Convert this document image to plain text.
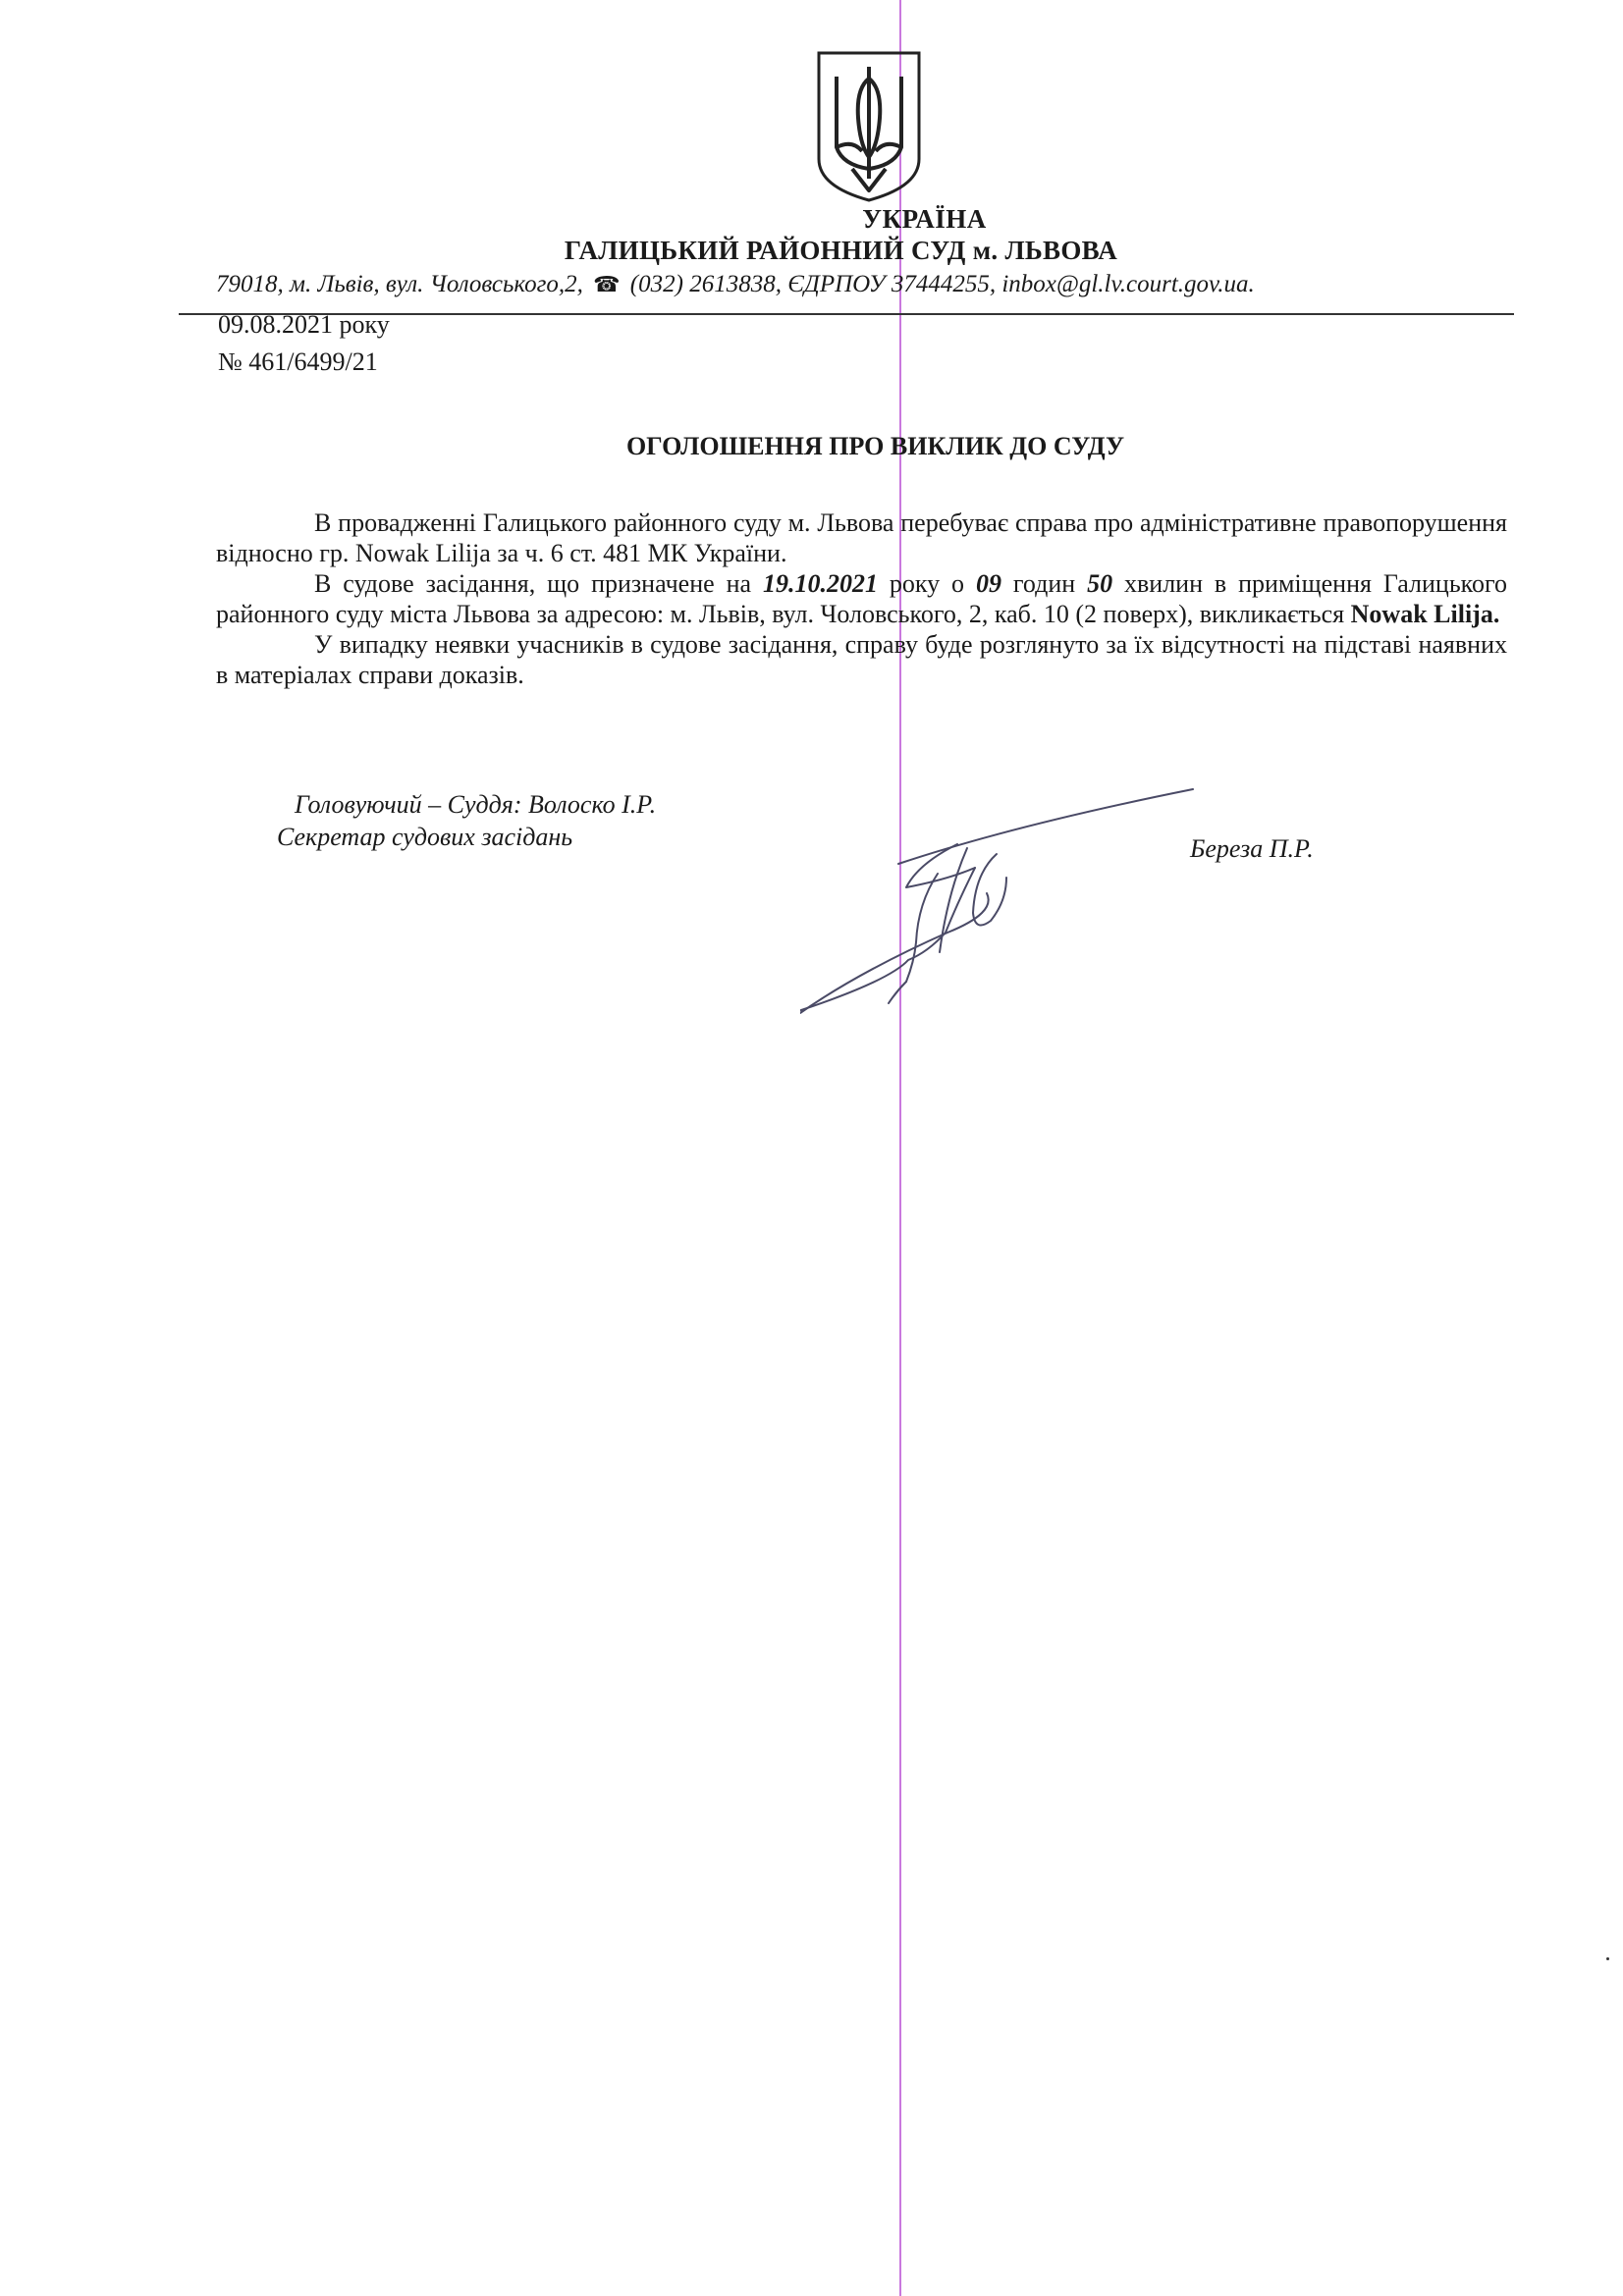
УКРАЇНА
ГАЛИЦЬКИЙ РАЙОННИЙ СУД м. ЛЬВОВА
79018, м. Львів, вул. Чоловського,2, ☎ (032) 2613838, ЄДРПОУ 37444255, inbox@gl.lv.court.gov.ua.
09.08.2021 року
№ 461/6499/21
ОГОЛОШЕННЯ ПРО ВИКЛИК ДО СУДУ

В провадженні Галицького районного суду м. Львова перебуває справа про адміністративне правопорушення відносно гр. Nowak Lilija за ч. 6 ст. 481 МК України.

В судове засідання, що призначене на 19.10.2021 року о 09 годин 50 хвилин в приміщення Галицького районного суду міста Львова за адресою: м. Львів, вул. Чоловського, 2, каб. 10 (2 поверх), викликається Nowak Lilija.

У випадку неявки учасників в судове засідання, справу буде розглянуто за їх відсутності на підставі наявних в матеріалах справи доказів.

Головуючий – Суддя: Волоско І.Р.
Секретар судових засідань	Береза П.Р.
